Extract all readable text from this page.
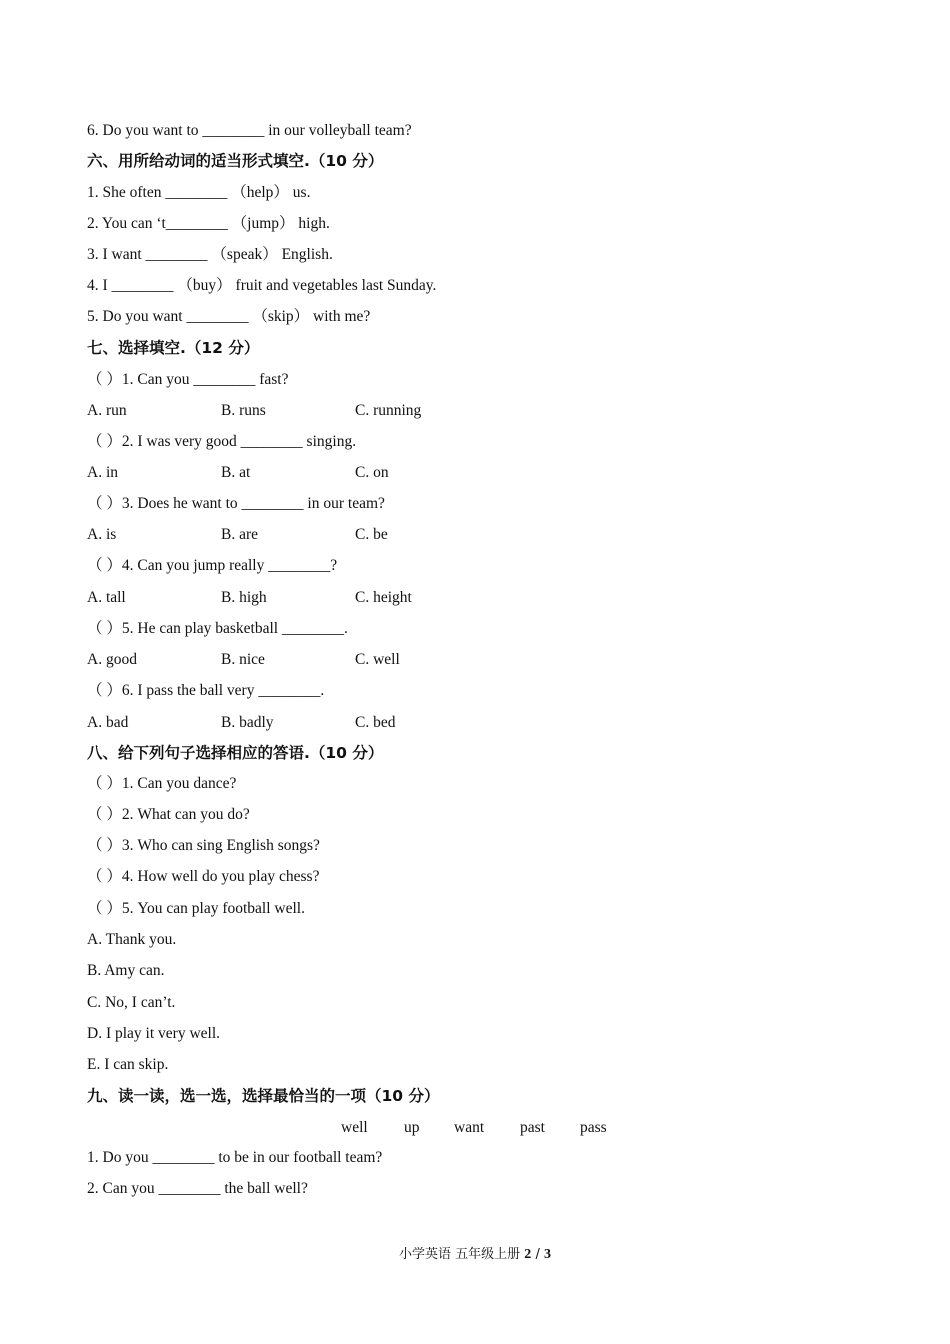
6. Do you want to ________ in our volleyball team?
六、用所给动词的适当形式填空.（10 分）
1. She often ________ （help） us.
2. You can ‘t________ （jump） high.
3. I want ________ （speak） English.
4. I ________ （buy） fruit and vegetables last Sunday.
5. Do you want ________ （skip） with me?
七、选择填空.（12 分）
（ ）1. Can you ________ fast?
A. run	B. runs	C. running
（ ）2. I was very good ________ singing.
A. in	B. at	C. on
（ ）3. Does he want to ________ in our team?
A. is	B. are	C. be
（ ）4. Can you jump really ________?
A. tall	B. high	C. height
（ ）5. He can play basketball ________.
A. good	B. nice	C. well
（ ）6. I pass the ball very ________.
A. bad	B. badly	C. bed
八、给下列句子选择相应的答语.（10 分）
（ ）1. Can you dance?
（ ）2. What can you do?
（ ）3. Who can sing English songs?
（ ）4. How well do you play chess?
（ ）5. You can play football well.
A. Thank you.
B. Amy can.
C. No, I can’t.
D. I play it very well.
E. I can skip.
九、读一读，选一选，选择最恰当的一项（10 分）
well up want past pass
1. Do you ________ to be in our football team?
2. Can you ________ the ball well?
小学英语 五年级上册 2 / 3
